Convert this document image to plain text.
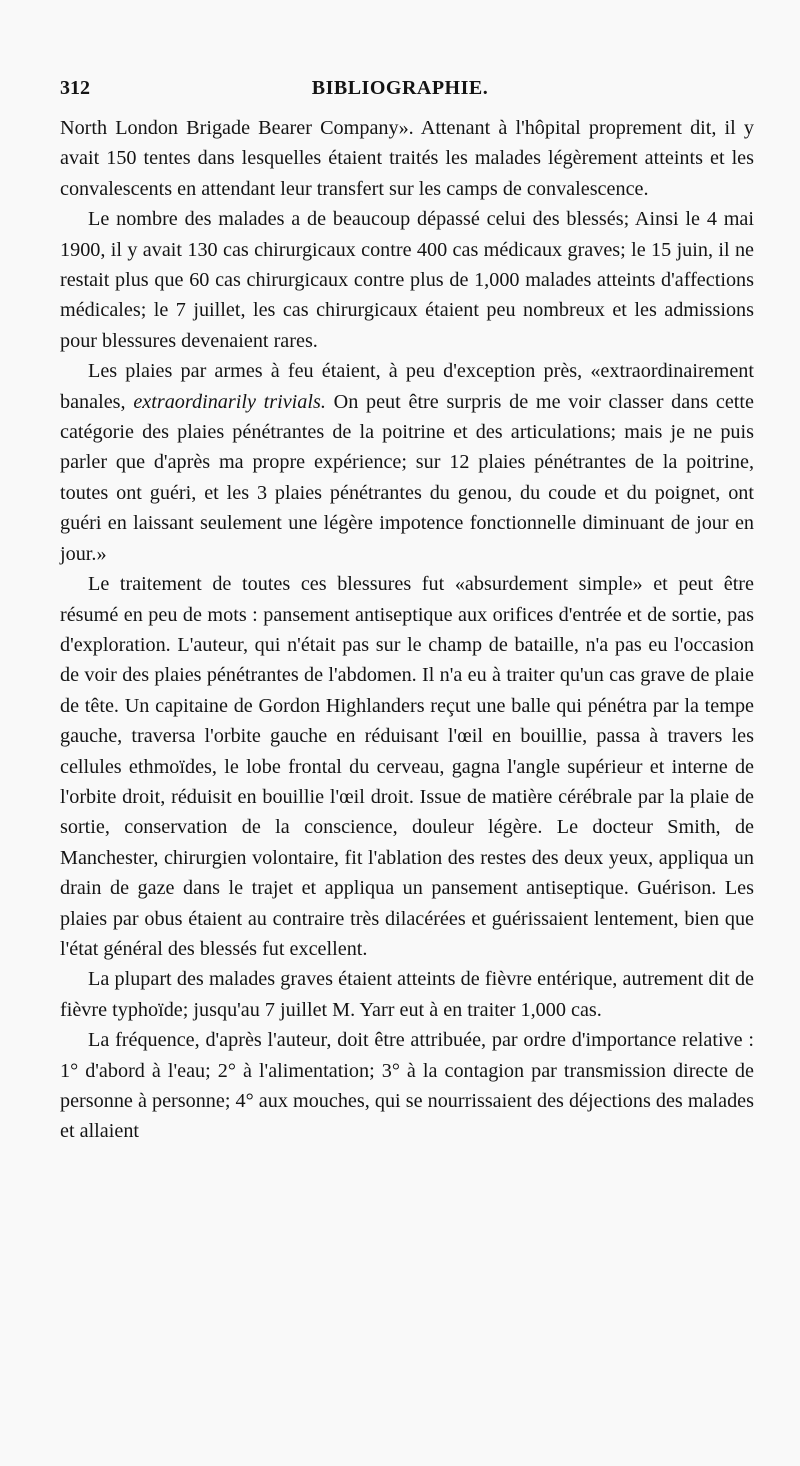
312	BIBLIOGRAPHIE.

North London Brigade Bearer Company». Attenant à l'hôpital proprement dit, il y avait 150 tentes dans lesquelles étaient traités les malades légèrement atteints et les convalescents en attendant leur transfert sur les camps de convalescence.

Le nombre des malades a de beaucoup dépassé celui des blessés; Ainsi le 4 mai 1900, il y avait 130 cas chirurgicaux contre 400 cas médicaux graves; le 15 juin, il ne restait plus que 60 cas chirurgicaux contre plus de 1,000 malades atteints d'affections médicales; le 7 juillet, les cas chirurgicaux étaient peu nombreux et les admissions pour blessures devenaient rares.

Les plaies par armes à feu étaient, à peu d'exception près, «extraordinairement banales, extraordinarily trivials. On peut être surpris de me voir classer dans cette catégorie des plaies pénétrantes de la poitrine et des articulations; mais je ne puis parler que d'après ma propre expérience; sur 12 plaies pénétrantes de la poitrine, toutes ont guéri, et les 3 plaies pénétrantes du genou, du coude et du poignet, ont guéri en laissant seulement une légère impotence fonctionnelle diminuant de jour en jour.»

Le traitement de toutes ces blessures fut «absurdement simple» et peut être résumé en peu de mots : pansement antiseptique aux orifices d'entrée et de sortie, pas d'exploration. L'auteur, qui n'était pas sur le champ de bataille, n'a pas eu l'occasion de voir des plaies pénétrantes de l'abdomen. Il n'a eu à traiter qu'un cas grave de plaie de tête. Un capitaine de Gordon Highlanders reçut une balle qui pénétra par la tempe gauche, traversa l'orbite gauche en réduisant l'œil en bouillie, passa à travers les cellules ethmoïdes, le lobe frontal du cerveau, gagna l'angle supérieur et interne de l'orbite droit, réduisit en bouillie l'œil droit. Issue de matière cérébrale par la plaie de sortie, conservation de la conscience, douleur légère. Le docteur Smith, de Manchester, chirurgien volontaire, fit l'ablation des restes des deux yeux, appliqua un drain de gaze dans le trajet et appliqua un pansement antiseptique. Guérison. Les plaies par obus étaient au contraire très dilacérées et guérissaient lentement, bien que l'état général des blessés fut excellent.

La plupart des malades graves étaient atteints de fièvre entérique, autrement dit de fièvre typhoïde; jusqu'au 7 juillet M. Yarr eut à en traiter 1,000 cas.

La fréquence, d'après l'auteur, doit être attribuée, par ordre d'importance relative : 1° d'abord à l'eau; 2° à l'alimentation; 3° à la contagion par transmission directe de personne à personne; 4° aux mouches, qui se nourrissaient des déjections des malades et allaient
